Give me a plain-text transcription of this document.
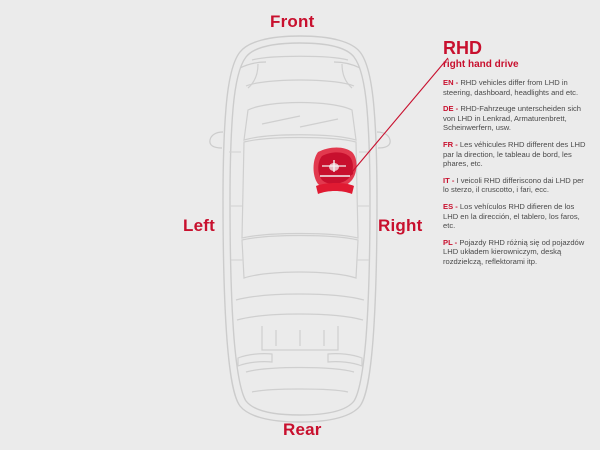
Front
Rear
Left	Right
RHD
right hand drive

EN - RHD vehicles differ from LHD in steering, dashboard, headlights and etc.

DE - RHD-Fahrzeuge unterscheiden sich von LHD in Lenkrad, Armaturenbrett, Scheinwerfern, usw.

FR - Les véhicules RHD different des LHD par la direction, le tableau de bord, les phares, etc.

IT - I veicoli RHD differiscono dai LHD per lo sterzo, il cruscotto, i fari, ecc.

ES - Los vehículos RHD difieren de los LHD en la dirección, el tablero, los faros, etc.

PL - Pojazdy RHD różnią się od pojazdów LHD układem kierowniczym, deską rozdzielczą, reflektorami itp.
